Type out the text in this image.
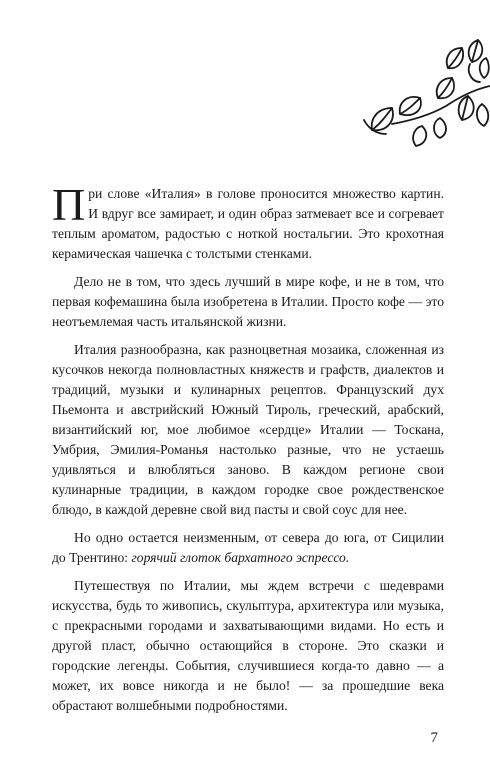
При слове «Италия» в голове проносится множество картин. И вдруг все замирает, и один образ затмевает все и согревает теплым ароматом, радостью с ноткой ностальгии. Это крохотная керамическая чашечка с толстыми стенками.

Дело не в том, что здесь лучший в мире кофе, и не в том, что первая кофемашина была изобретена в Италии. Просто кофе — это неотъемлемая часть итальянской жизни.

Италия разнообразна, как разноцветная мозаика, сложенная из кусочков некогда полновластных княжеств и графств, диалектов и традиций, музыки и кулинарных рецептов. Французский дух Пьемонта и австрийский Южный Тироль, греческий, арабский, византийский юг, мое любимое «сердце» Италии — Тоскана, Умбрия, Эмилия-Романья настолько разные, что не устаешь удивляться и влюбляться заново. В каждом регионе свои кулинарные традиции, в каждом городке свое рождественское блюдо, в каждой деревне свой вид пасты и свой соус для нее.

Но одно остается неизменным, от севера до юга, от Сицилии до Трентино: горячий глоток бархатного эспрессо.

Путешествуя по Италии, мы ждем встречи с шедеврами искусства, будь то живопись, скульптура, архитектура или музыка, с прекрасными городами и захватывающими видами. Но есть и другой пласт, обычно остающийся в стороне. Это сказки и городские легенды. События, случившиеся когда-то давно — а может, их вовсе никогда и не было! — за прошедшие века обрастают волшебными подробностями.

7
